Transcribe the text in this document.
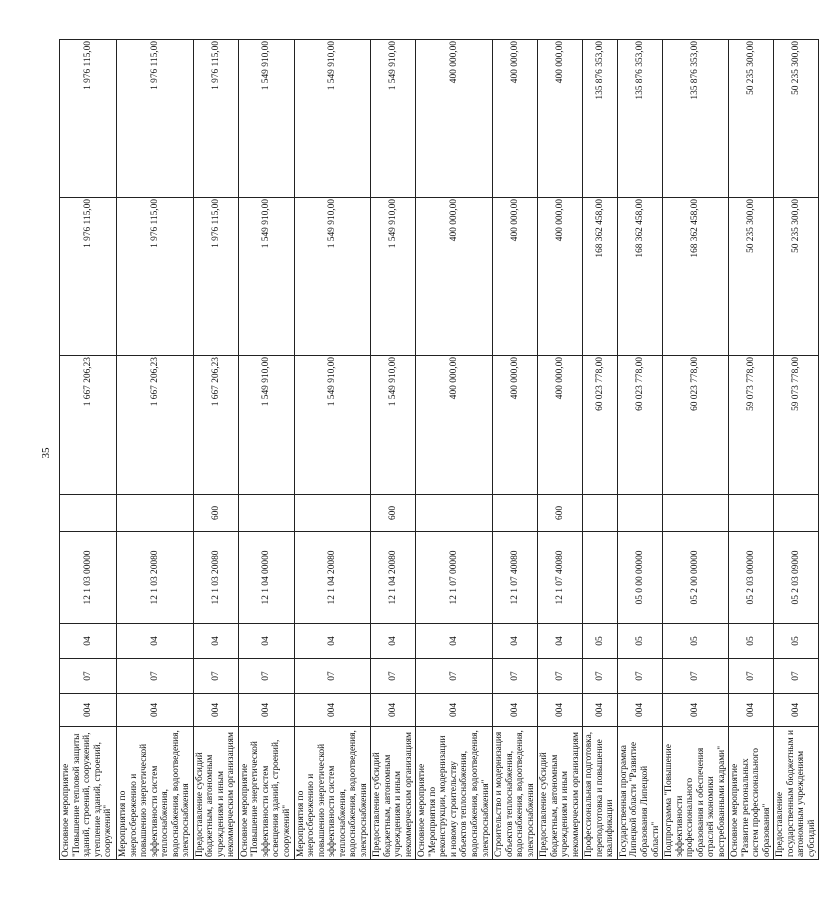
35
Основное мероприятие "Повышение тепловой защиты зданий, строений, сооружений, утепление зданий, строений, сооружений"	004	07	04	12 1 03 00000		1 667 206,23	1 976 115,00	1 976 115,00
Мероприятия по энергосбережению и повышению энергетической эффективности систем теплоснабжения, водоснабжения, водоотведения, электроснабжения	004	07	04	12 1 03 20080		1 667 206,23	1 976 115,00	1 976 115,00
Предоставление субсидий бюджетным, автономным учреждениям и иным некоммерческим организациям	004	07	04	12 1 03 20080	600	1 667 206,23	1 976 115,00	1 976 115,00
Основное мероприятие "Повышение энергетической эффективности систем освещения зданий, строений, сооружений"	004	07	04	12 1 04 00000		1 549 910,00	1 549 910,00	1 549 910,00
Мероприятия по энергосбережению и повышению энергетической эффективности систем теплоснабжения, водоснабжения, водоотведения, электроснабжения	004	07	04	12 1 04 20080		1 549 910,00	1 549 910,00	1 549 910,00
Предоставление субсидий бюджетным, автономным учреждениям и иным некоммерческим организациям	004	07	04	12 1 04 20080	600	1 549 910,00	1 549 910,00	1 549 910,00
Основное мероприятие "Мероприятия по реконструкции, модернизации и новому строительству объектов теплоснабжения, водоснабжения, водоотведения, электроснабжения"	004	07	04	12 1 07 00000		400 000,00	400 000,00	400 000,00
Строительство и модернизация объектов теплоснабжения, водоснабжения, водоотведения, электроснабжения	004	07	04	12 1 07 40080		400 000,00	400 000,00	400 000,00
Предоставление субсидий бюджетным, автономным учреждениям и иным некоммерческим организациям	004	07	04	12 1 07 40080	600	400 000,00	400 000,00	400 000,00
Профессиональная подготовка, переподготовка и повышение квалификации	004	07	05			60 023 778,00	168 362 458,00	135 876 353,00
Государственная программа Липецкой области "Развитие образования Липецкой области"	004	07	05	05 0 00 00000		60 023 778,00	168 362 458,00	135 876 353,00
Подпрограмма "Повышение эффективности профессионального образования и обеспечения отраслей экономики востребованными кадрами"	004	07	05	05 2 00 00000		60 023 778,00	168 362 458,00	135 876 353,00
Основное мероприятие "Развитие региональных систем профессионального образования"	004	07	05	05 2 03 00000		59 073 778,00	50 235 300,00	50 235 300,00
Предоставление государственным бюджетным и автономным учреждениям субсидий	004	07	05	05 2 03 09000		59 073 778,00	50 235 300,00	50 235 300,00
